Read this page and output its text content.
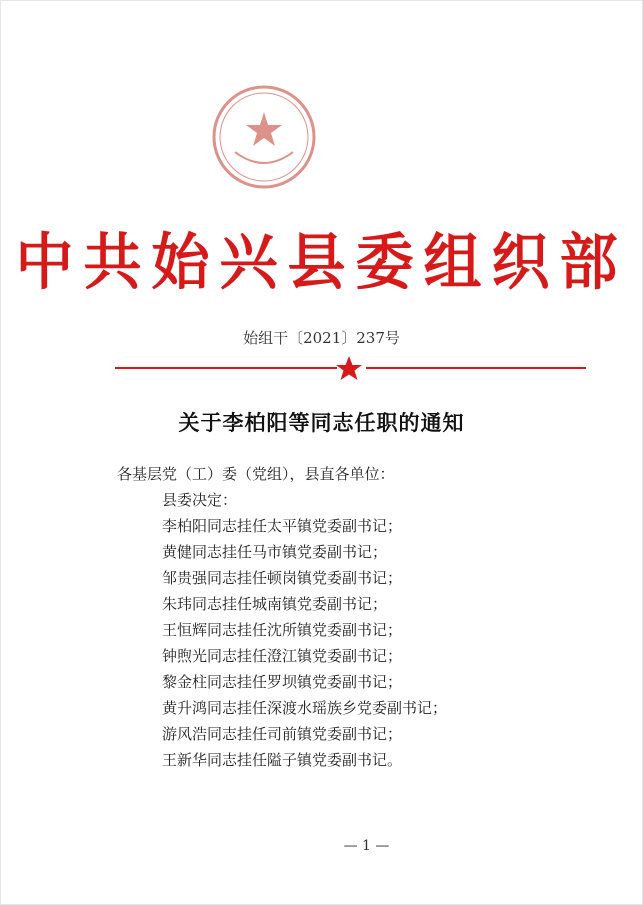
中共始兴县委组织部
始组干〔2021〕237号
关于李柏阳等同志任职的通知
各基层党（工）委（党组），县直各单位：
县委决定：
李柏阳同志挂任太平镇党委副书记；
黄健同志挂任马市镇党委副书记；
邹贵强同志挂任顿岗镇党委副书记；
朱玮同志挂任城南镇党委副书记；
王恒辉同志挂任沈所镇党委副书记；
钟煦光同志挂任澄江镇党委副书记；
黎金柱同志挂任罗坝镇党委副书记；
黄升鸿同志挂任深渡水瑶族乡党委副书记；
游风浩同志挂任司前镇党委副书记；
王新华同志挂任隘子镇党委副书记。
— 1 —
